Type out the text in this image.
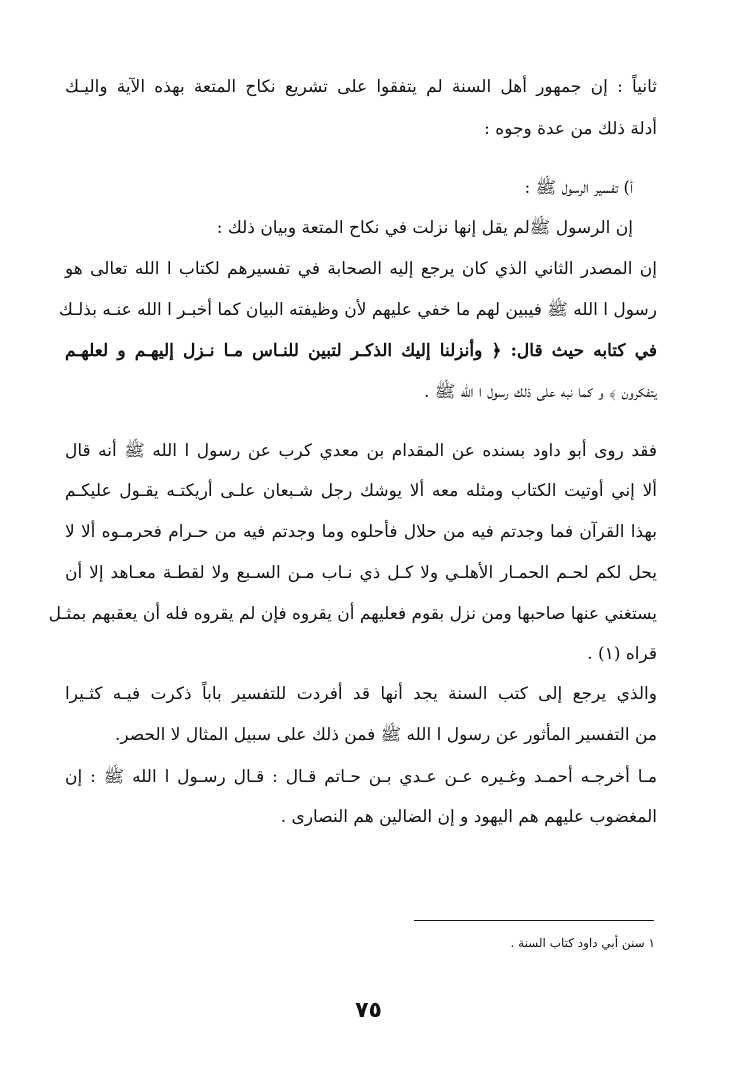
ثانياً : إن جمهور أهل السنة لم يتفقوا على تشريع نكاح المتعة بهذه الآية واليـك
أدلة ذلك من عدة وجوه :
أ) تفسير الرسول ﷺ :
إن الرسول ﷺلم يقل إنها نزلت في نكاح المتعة وبيان ذلك :
إن المصدر الثاني الذي كان يرجع إليه الصحابة في تفسيرهم لكتاب ا الله تعالى هو
رسول ا الله ﷺ فيبين لهم ما خفي عليهم لأن وظيفته البيان كما أخبـر ا الله عنـه بذلـك
في كتابه حيث قال: ﴿ وأنزلنا إليك الذكـر لتبين للنـاس مـا نـزل إليهـم و لعلهـم
يتفكرون ﴾ و كما نبه على ذلك رسول ا الله ﷺ .
فقد روى أبو داود بسنده عن المقدام بن معدي كرب عن رسول ا الله ﷺ أنه قال
ألا إني أوتيت الكتاب ومثله معه ألا يوشك رجل شـبعان علـى أريكتـه يقـول عليكـم
بهذا القرآن فما وجدتم فيه من حلال فأحلوه وما وجدتم فيه من حـرام فحرمـوه ألا لا
يحل لكم لحـم الحمـار الأهلـي ولا كـل ذي نـاب مـن السـبع ولا لقطـة معـاهد إلا أن
يستغني عنها صاحبها ومن نزل بقوم فعليهم أن يقروه فإن لم يقروه فله أن يعقبهم بمثـل
قراه (١) .
والذي يرجع إلى كتب السنة يجد أنها قد أفردت للتفسير باباً ذكرت فيـه كثـيرا
من التفسير المأثور عن رسول ا الله ﷺ فمن ذلك على سبيل المثال لا الحصر.
مـا أخرجـه أحمـد وغـيره عـن عـدي بـن حـاتم قـال : قـال رسـول ا الله ﷺ : إن
المغضوب عليهم هم اليهود و إن الضالين هم النصارى .
١ سنن أبي داود كتاب السنة .
٧٥
